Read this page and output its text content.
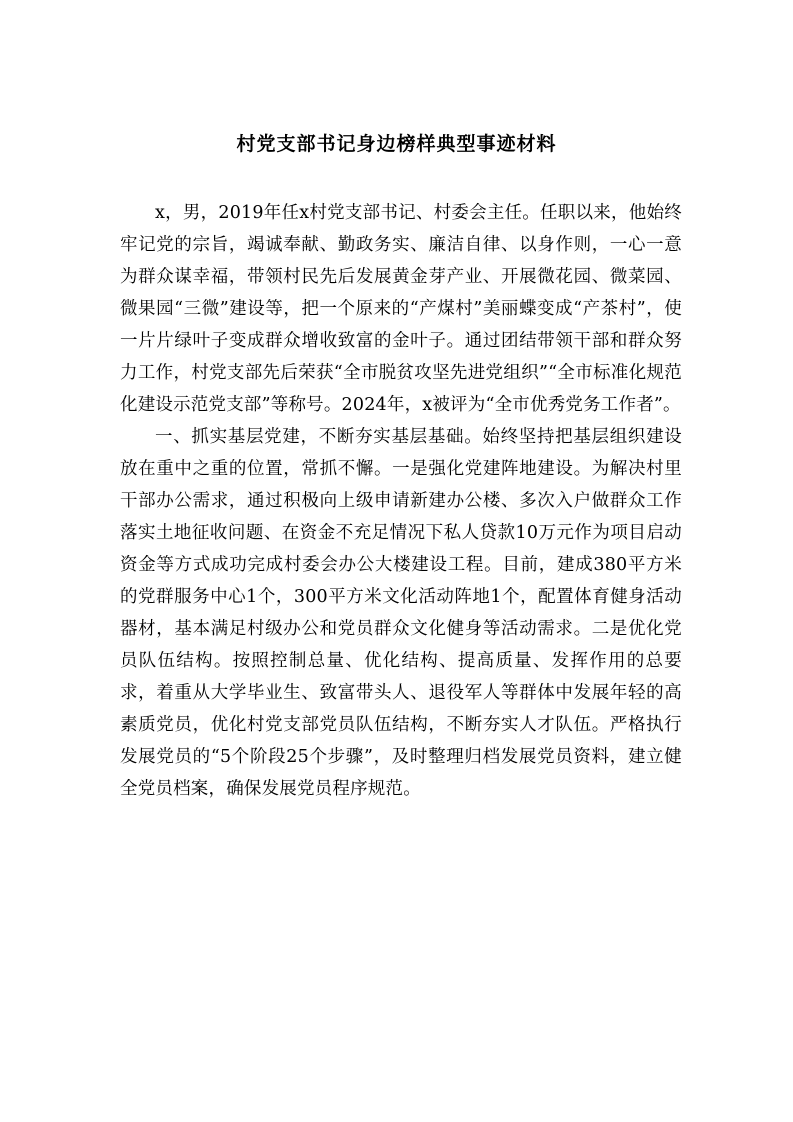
村党支部书记身边榜样典型事迹材料

x，男，2019年任x村党支部书记、村委会主任。任职以来，他始终牢记党的宗旨，竭诚奉献、勤政务实、廉洁自律、以身作则，一心一意为群众谋幸福，带领村民先后发展黄金芽产业、开展微花园、微菜园、微果园“三微”建设等，把一个原来的“产煤村”美丽蝶变成“产茶村”，使一片片绿叶子变成群众增收致富的金叶子。通过团结带领干部和群众努力工作，村党支部先后荣获“全市脱贫攻坚先进党组织”“全市标准化规范化建设示范党支部”等称号。2024年，x被评为“全市优秀党务工作者”。

一、抓实基层党建，不断夯实基层基础。始终坚持把基层组织建设放在重中之重的位置，常抓不懈。一是强化党建阵地建设。为解决村里干部办公需求，通过积极向上级申请新建办公楼、多次入户做群众工作落实土地征收问题、在资金不充足情况下私人贷款10万元作为项目启动资金等方式成功完成村委会办公大楼建设工程。目前，建成380平方米的党群服务中心1个，300平方米文化活动阵地1个，配置体育健身活动器材，基本满足村级办公和党员群众文化健身等活动需求。二是优化党员队伍结构。按照控制总量、优化结构、提高质量、发挥作用的总要求，着重从大学毕业生、致富带头人、退役军人等群体中发展年轻的高素质党员，优化村党支部党员队伍结构，不断夯实人才队伍。严格执行发展党员的“5个阶段25个步骤”，及时整理归档发展党员资料，建立健全党员档案，确保发展党员程序规范。
